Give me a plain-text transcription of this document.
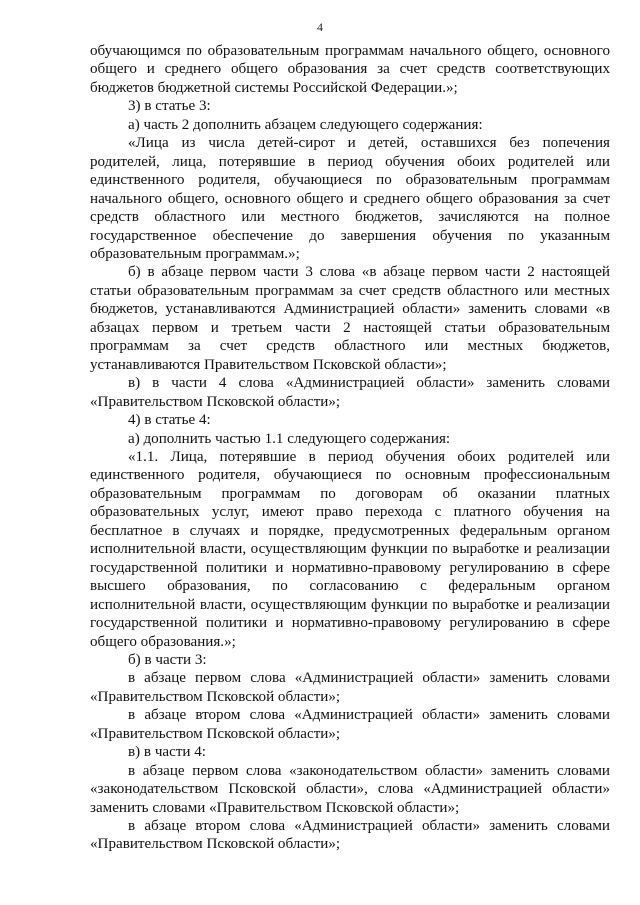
4

обучающимся по образовательным программам начального общего, основного общего и среднего общего образования за счет средств соответствующих бюджетов бюджетной системы Российской Федерации.»;

3) в статье 3:

а) часть 2 дополнить абзацем следующего содержания:

«Лица из числа детей-сирот и детей, оставшихся без попечения родителей, лица, потерявшие в период обучения обоих родителей или единственного родителя, обучающиеся по образовательным программам начального общего, основного общего и среднего общего образования за счет средств областного или местного бюджетов, зачисляются на полное государственное обеспечение до завершения обучения по указанным образовательным программам.»;

б) в абзаце первом части 3 слова «в абзаце первом части 2 настоящей статьи образовательным программам за счет средств областного или местных бюджетов, устанавливаются Администрацией области» заменить словами «в абзацах первом и третьем части 2 настоящей статьи образовательным программам за счет средств областного или местных бюджетов, устанавливаются Правительством Псковской области»;

в) в части 4 слова «Администрацией области» заменить словами «Правительством Псковской области»;

4) в статье 4:

а) дополнить частью 1.1 следующего содержания:

«1.1. Лица, потерявшие в период обучения обоих родителей или единственного родителя, обучающиеся по основным профессиональным образовательным программам по договорам об оказании платных образовательных услуг, имеют право перехода с платного обучения на бесплатное в случаях и порядке, предусмотренных федеральным органом исполнительной власти, осуществляющим функции по выработке и реализации государственной политики и нормативно-правовому регулированию в сфере высшего образования, по согласованию с федеральным органом исполнительной власти, осуществляющим функции по выработке и реализации государственной политики и нормативно-правовому регулированию в сфере общего образования.»;

б) в части 3:

в абзаце первом слова «Администрацией области» заменить словами «Правительством Псковской области»;

в абзаце втором слова «Администрацией области» заменить словами «Правительством Псковской области»;

в) в части 4:

в абзаце первом слова «законодательством области» заменить словами «законодательством Псковской области», слова «Администрацией области» заменить словами «Правительством Псковской области»;

в абзаце втором слова «Администрацией области» заменить словами «Правительством Псковской области»;
